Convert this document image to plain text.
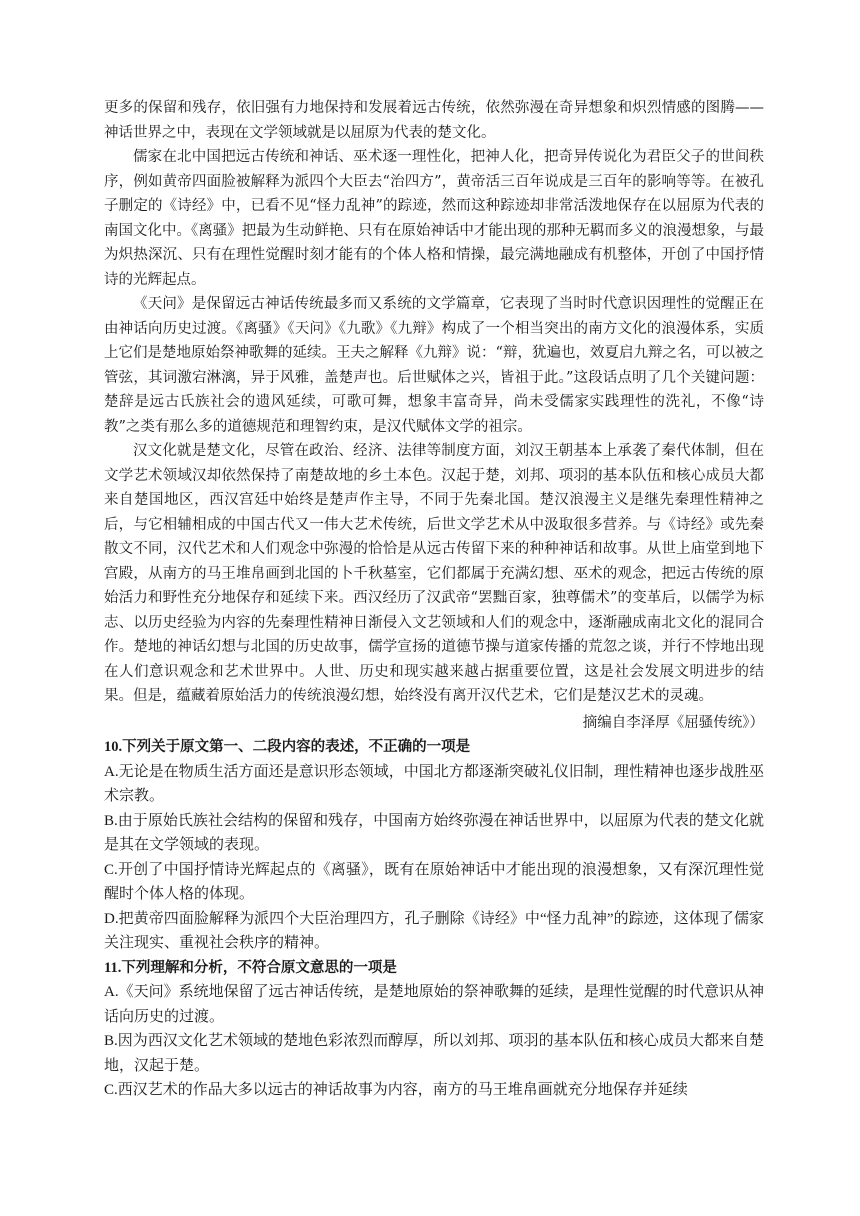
更多的保留和残存，依旧强有力地保持和发展着远古传统，依然弥漫在奇异想象和炽烈情感的图腾——神话世界之中，表现在文学领域就是以屈原为代表的楚文化。

儒家在北中国把远古传统和神话、巫术逐一理性化，把神人化，把奇异传说化为君臣父子的世间秩序，例如黄帝四面脸被解释为派四个大臣去“治四方”，黄帝活三百年说成是三百年的影响等等。在被孔子删定的《诗经》中，已看不见“怪力乱神”的踪迹，然而这种踪迹却非常活泼地保存在以屈原为代表的南国文化中。《离骚》把最为生动鲜艳、只有在原始神话中才能出现的那种无羁而多义的浪漫想象，与最为炽热深沉、只有在理性觉醒时刻才能有的个体人格和情操，最完满地融成有机整体，开创了中国抒情诗的光辉起点。

《天问》是保留远古神话传统最多而又系统的文学篇章，它表现了当时时代意识因理性的觉醒正在由神话向历史过渡。《离骚》《天问》《九歌》《九辩》构成了一个相当突出的南方文化的浪漫体系，实质上它们是楚地原始祭神歌舞的延续。王夫之解释《九辩》说：“辩，犹遍也，效夏启九辩之名，可以被之管弦，其词激宕淋漓，异于风雅，盖楚声也。后世赋体之兴，皆祖于此。”这段话点明了几个关键问题：楚辞是远古氏族社会的遗风延续，可歌可舞，想象丰富奇异，尚未受儒家实践理性的洗礼，不像“诗教”之类有那么多的道德规范和理智约束，是汉代赋体文学的祖宗。

汉文化就是楚文化，尽管在政治、经济、法律等制度方面，刘汉王朝基本上承袭了秦代体制，但在文学艺术领域汉却依然保持了南楚故地的乡土本色。汉起于楚，刘邦、项羽的基本队伍和核心成员大都来自楚国地区，西汉宫廷中始终是楚声作主导，不同于先秦北国。楚汉浪漫主义是继先秦理性精神之后，与它相辅相成的中国古代又一伟大艺术传统，后世文学艺术从中汲取很多营养。与《诗经》或先秦散文不同，汉代艺术和人们观念中弥漫的恰恰是从远古传留下来的种种神话和故事。从世上庙堂到地下宫殿，从南方的马王堆帛画到北国的卜千秋墓室，它们都属于充满幻想、巫术的观念，把远古传统的原始活力和野性充分地保存和延续下来。西汉经历了汉武帝“罢黜百家，独尊儒术”的变革后，以儒学为标志、以历史经验为内容的先秦理性精神日渐侵入文艺领域和人们的观念中，逐渐融成南北文化的混同合作。楚地的神话幻想与北国的历史故事，儒学宣扬的道德节操与道家传播的荒忽之谈，并行不悖地出现在人们意识观念和艺术世界中。人世、历史和现实越来越占据重要位置，这是社会发展文明进步的结果。但是，蕴藏着原始活力的传统浪漫幻想，始终没有离开汉代艺术，它们是楚汉艺术的灵魂。

摘编自李泽厚《屈骚传统》）

10.下列关于原文第一、二段内容的表述，不正确的一项是

A.无论是在物质生活方面还是意识形态领域，中国北方都逐渐突破礼仪旧制，理性精神也逐步战胜巫术宗教。

B.由于原始氏族社会结构的保留和残存，中国南方始终弥漫在神话世界中，以屈原为代表的楚文化就是其在文学领域的表现。

C.开创了中国抒情诗光辉起点的《离骚》，既有在原始神话中才能出现的浪漫想象，又有深沉理性觉醒时个体人格的体现。

D.把黄帝四面脸解释为派四个大臣治理四方，孔子删除《诗经》中“怪力乱神”的踪迹，这体现了儒家关注现实、重视社会秩序的精神。

11.下列理解和分析，不符合原文意思的一项是

A.《天问》系统地保留了远古神话传统，是楚地原始的祭神歌舞的延续，是理性觉醒的时代意识从神话向历史的过渡。

B.因为西汉文化艺术领域的楚地色彩浓烈而醇厚，所以刘邦、项羽的基本队伍和核心成员大都来自楚地，汉起于楚。

C.西汉艺术的作品大多以远古的神话故事为内容，南方的马王堆帛画就充分地保存并延续
